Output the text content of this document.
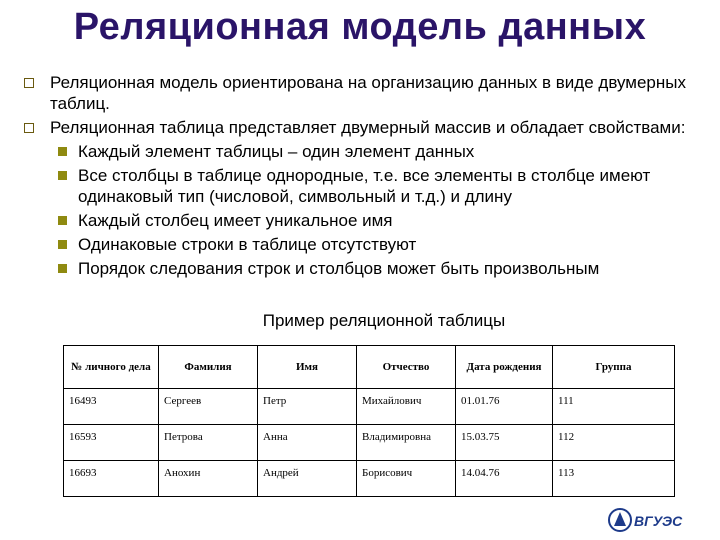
Реляционная модель данных
Реляционная модель ориентирована на организацию данных в виде двумерных таблиц.
Реляционная таблица представляет двумерный массив и обладает свойствами:
Каждый элемент таблицы – один элемент данных
Все столбцы в таблице однородные, т.е. все элементы в столбце имеют одинаковый тип (числовой, символьный и т.д.) и длину
Каждый столбец имеет уникальное имя
Одинаковые строки в таблице отсутствуют
Порядок следования строк и столбцов может быть произвольным
Пример реляционной таблицы
№ личного дела	Фамилия	Имя	Отчество	Дата рождения	Группа
16493	Сергеев	Петр	Михайлович	01.01.76	111
16593	Петрова	Анна	Владимировна	15.03.75	112
16693	Анохин	Андрей	Борисович	14.04.76	113
ВГУЭС
